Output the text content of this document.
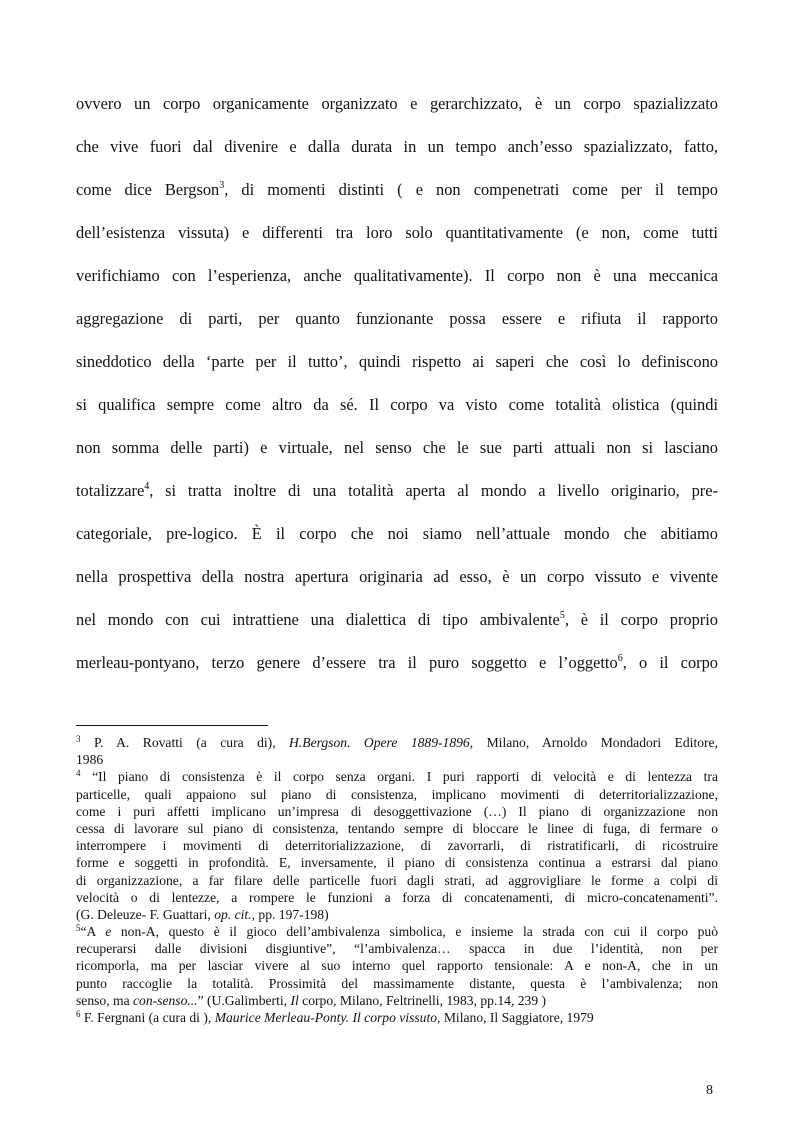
ovvero un corpo organicamente organizzato e gerarchizzato, è un corpo spazializzato
che vive fuori dal divenire e dalla durata in un tempo anch’esso spazializzato, fatto,
come dice Bergson$^3$, di momenti distinti ( e non compenetrati come per il tempo
dell’esistenza vissuta) e differenti tra loro solo quantitativamente (e non, come tutti
verifichiamo con l’esperienza, anche qualitativamente). Il corpo non è una meccanica
aggregazione di parti, per quanto funzionante possa essere e rifiuta il rapporto
sineddotico della ‘parte per il tutto’, quindi rispetto ai saperi che così lo definiscono
si qualifica sempre come altro da sé. Il corpo va visto come totalità olistica (quindi
non somma delle parti) e virtuale, nel senso che le sue parti attuali non si lasciano
totalizzare$^4$, si tratta inoltre di una totalità aperta al mondo a livello originario, pre-
categoriale, pre-logico. È il corpo che noi siamo nell’attuale mondo che abitiamo
nella prospettiva della nostra apertura originaria ad esso, è un corpo vissuto e vivente
nel mondo con cui intrattiene una dialettica di tipo ambivalente$^5$, è il corpo proprio
merleau-pontyano, terzo genere d’essere tra il puro soggetto e l’oggetto$^6$, o il corpo
$^3$ P. A. Rovatti (a cura di), H.Bergson. Opere 1889-1896, Milano, Arnoldo Mondadori Editore,
1986
$^4$ “Il piano di consistenza è il corpo senza organi. I puri rapporti di velocità e di lentezza tra
particelle, quali appaiono sul piano di consistenza, implicano movimenti di deterritorializzazione,
come i puri affetti implicano un’impresa di desoggettivazione (…) Il piano di organizzazione non
cessa di lavorare sul piano di consistenza, tentando sempre di bloccare le linee di fuga, di fermare o
interrompere i movimenti di deterritorializzazione, di zavorrarli, di ristratificarli, di ricostruire
forme e soggetti in profondità. E, inversamente, il piano di consistenza continua a estrarsi dal piano
di organizzazione, a far filare delle particelle fuori dagli strati, ad aggrovigliare le forme a colpi di
velocità o di lentezze, a rompere le funzioni a forza di concatenamenti, di micro-concatenamenti”.
(G. Deleuze- F. Guattari, op. cit., pp. 197-198)
$^5$“A e non-A, questo è il gioco dell’ambivalenza simbolica, e insieme la strada con cui il corpo può
recuperarsi dalle divisioni disgiuntive”, “l’ambivalenza… spacca in due l’identità, non per
ricomporla, ma per lasciar vivere al suo interno quel rapporto tensionale: A e non-A, che in un
punto raccoglie la totalità. Prossimità del massimamente distante, questa è l’ambivalenza; non
senso, ma con-senso...” (U.Galimberti, Il corpo, Milano, Feltrinelli, 1983, pp.14, 239 )
$^6$ F. Fergnani (a cura di ), Maurice Merleau-Ponty. Il corpo vissuto, Milano, Il Saggiatore, 1979
8
